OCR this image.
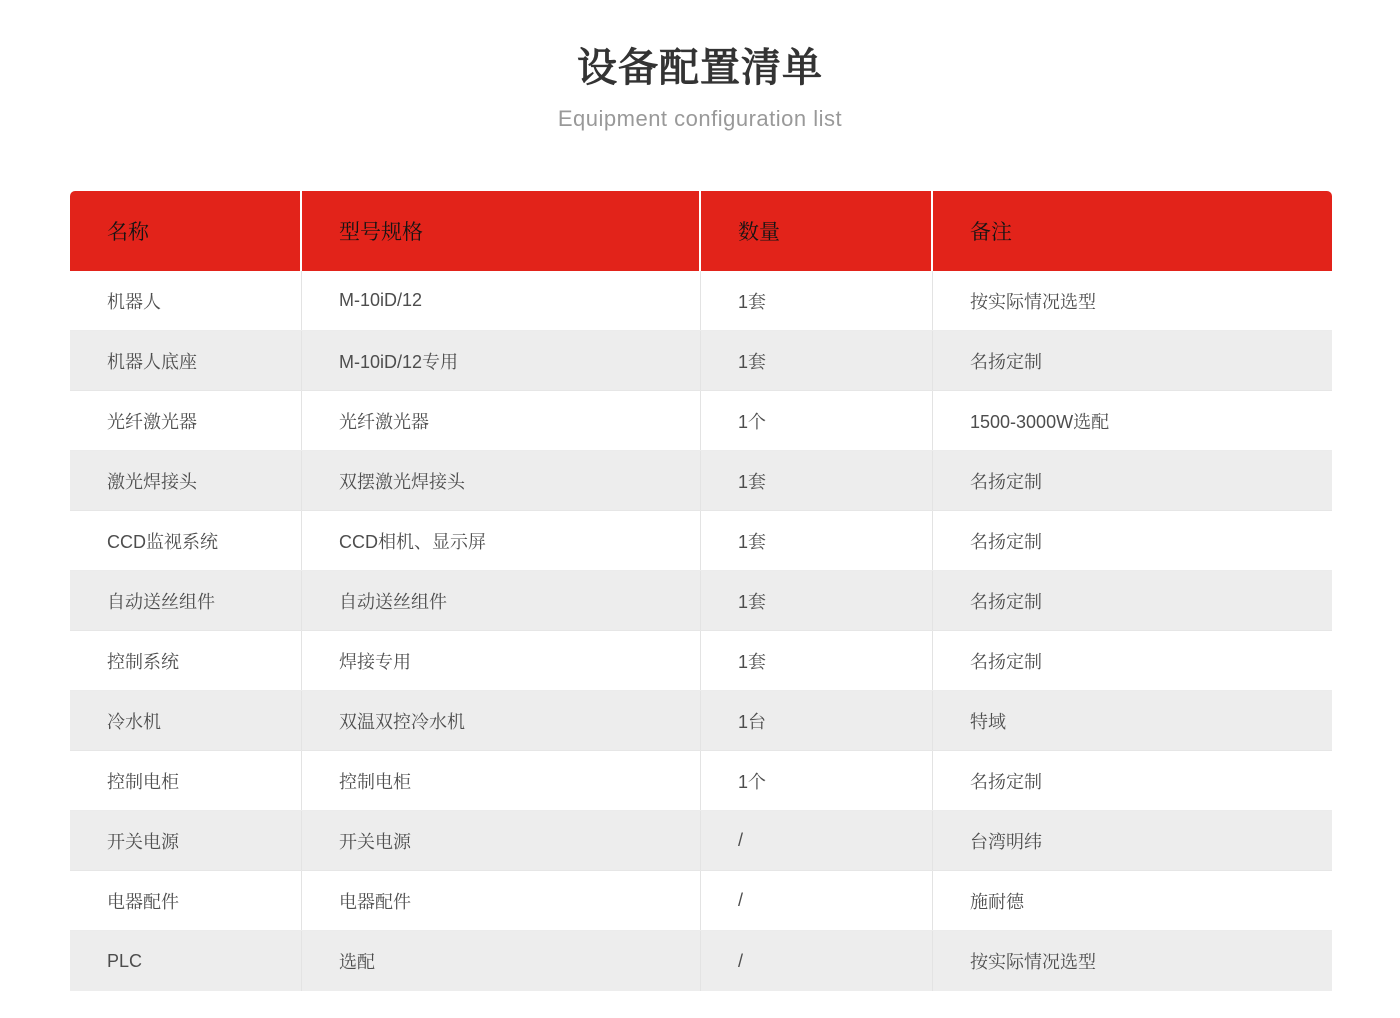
设备配置清单

Equipment configuration list

名称	型号规格	数量	备注
机器人	M-10iD/12	1套	按实际情况选型
机器人底座	M-10iD/12专用	1套	名扬定制
光纤激光器	光纤激光器	1个	1500-3000W选配
激光焊接头	双摆激光焊接头	1套	名扬定制
CCD监视系统	CCD相机、显示屏	1套	名扬定制
自动送丝组件	自动送丝组件	1套	名扬定制
控制系统	焊接专用	1套	名扬定制
冷水机	双温双控冷水机	1台	特域
控制电柜	控制电柜	1个	名扬定制
开关电源	开关电源	/	台湾明纬
电器配件	电器配件	/	施耐德
PLC	选配	/	按实际情况选型
